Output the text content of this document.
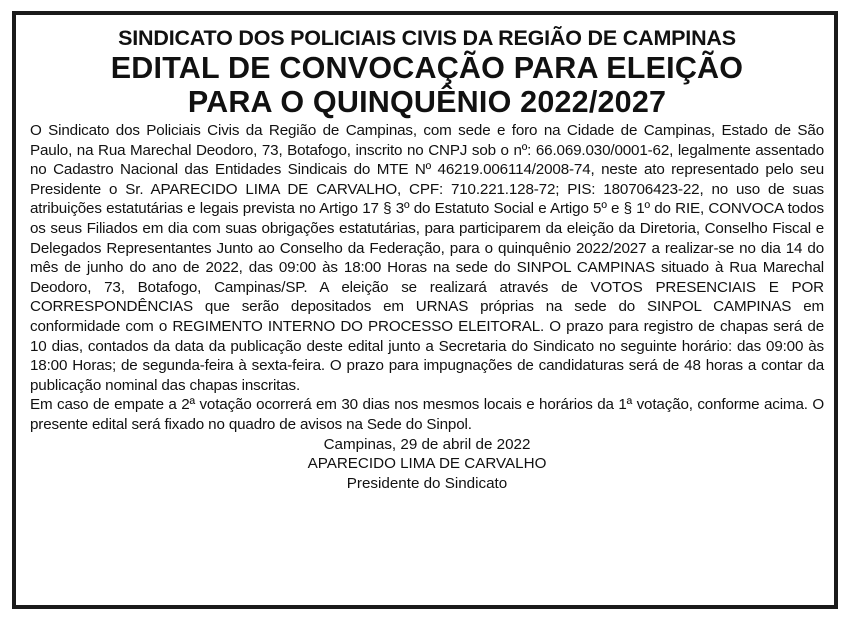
SINDICATO DOS POLICIAIS CIVIS DA REGIÃO DE CAMPINAS
EDITAL DE CONVOCAÇÃO PARA ELEIÇÃO
PARA O QUINQUÊNIO 2022/2027

O Sindicato dos Policiais Civis da Região de Campinas, com sede e foro na Cidade de Campinas, Estado de São Paulo, na Rua Marechal Deodoro, 73, Botafogo, inscrito no CNPJ sob o nº: 66.069.030/0001-62, legalmente assentado no Cadastro Nacional das Entidades Sindicais do MTE Nº 46219.006114/2008-74, neste ato representado pelo seu Presidente o Sr. APARECIDO LIMA DE CARVALHO, CPF: 710.221.128-72; PIS: 180706423-22, no uso de suas atribuições estatutárias e legais prevista no Artigo 17 § 3º do Estatuto Social e Artigo 5º e § 1º do RIE, CONVOCA todos os seus Filiados em dia com suas obrigações estatutárias, para participarem da eleição da Diretoria, Conselho Fiscal e Delegados Representantes Junto ao Conselho da Federação, para o quinquênio 2022/2027 a realizar-se no dia 14 do mês de junho do ano de 2022, das 09:00 às 18:00 Horas na sede do SINPOL CAMPINAS situado à Rua Marechal Deodoro, 73, Botafogo, Campinas/SP. A eleição se realizará através de VOTOS PRESENCIAIS E POR CORRESPONDÊNCIAS que serão depositados em URNAS próprias na sede do SINPOL CAMPINAS em conformidade com o REGIMENTO INTERNO DO PROCESSO ELEITORAL. O prazo para registro de chapas será de 10 dias, contados da data da publicação deste edital junto a Secretaria do Sindicato no seguinte horário: das 09:00 às 18:00 Horas; de segunda-feira à sexta-feira. O prazo para impugnações de candidaturas será de 48 horas a contar da publicação nominal das chapas inscritas.

Em caso de empate a 2ª votação ocorrerá em 30 dias nos mesmos locais e horários da 1ª votação, conforme acima. O presente edital será fixado no quadro de avisos na Sede do Sinpol.

Campinas, 29 de abril de 2022

APARECIDO LIMA DE CARVALHO

Presidente do Sindicato
